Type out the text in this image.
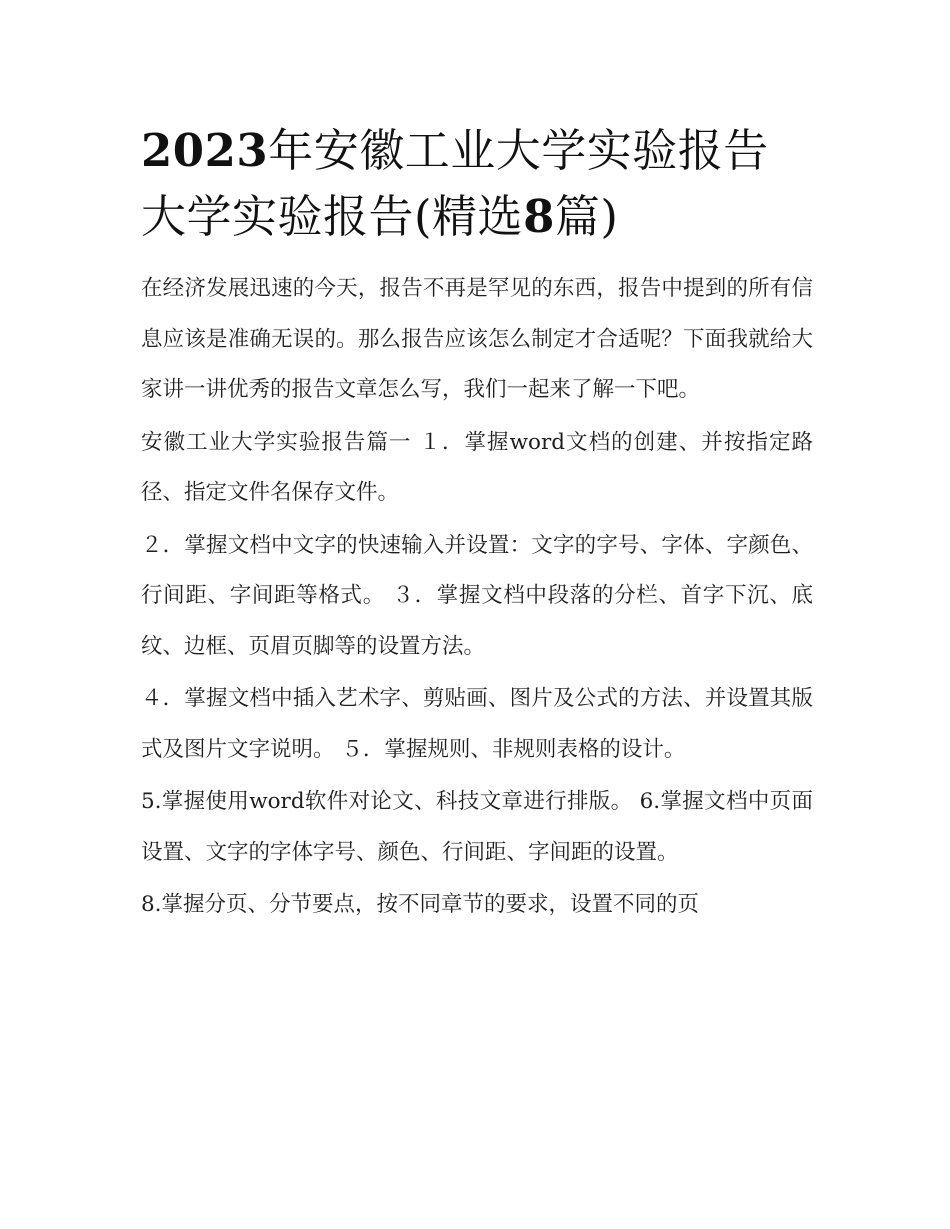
2023年安徽工业大学实验报告
大学实验报告(精选8篇)

在经济发展迅速的今天，报告不再是罕见的东西，报告中提到的所有信息应该是准确无误的。那么报告应该怎么制定才合适呢？下面我就给大家讲一讲优秀的报告文章怎么写，我们一起来了解一下吧。

安徽工业大学实验报告篇一 １．掌握word文档的创建、并按指定路径、指定文件名保存文件。

２．掌握文档中文字的快速输入并设置：文字的字号、字体、字颜色、行间距、字间距等格式。 ３．掌握文档中段落的分栏、首字下沉、底纹、边框、页眉页脚等的设置方法。

４．掌握文档中插入艺术字、剪贴画、图片及公式的方法、并设置其版式及图片文字说明。 ５．掌握规则、非规则表格的设计。

5.掌握使用word软件对论文、科技文章进行排版。 6.掌握文档中页面设置、文字的字体字号、颜色、行间距、字间距的设置。

8.掌握分页、分节要点，按不同章节的要求，设置不同的页
